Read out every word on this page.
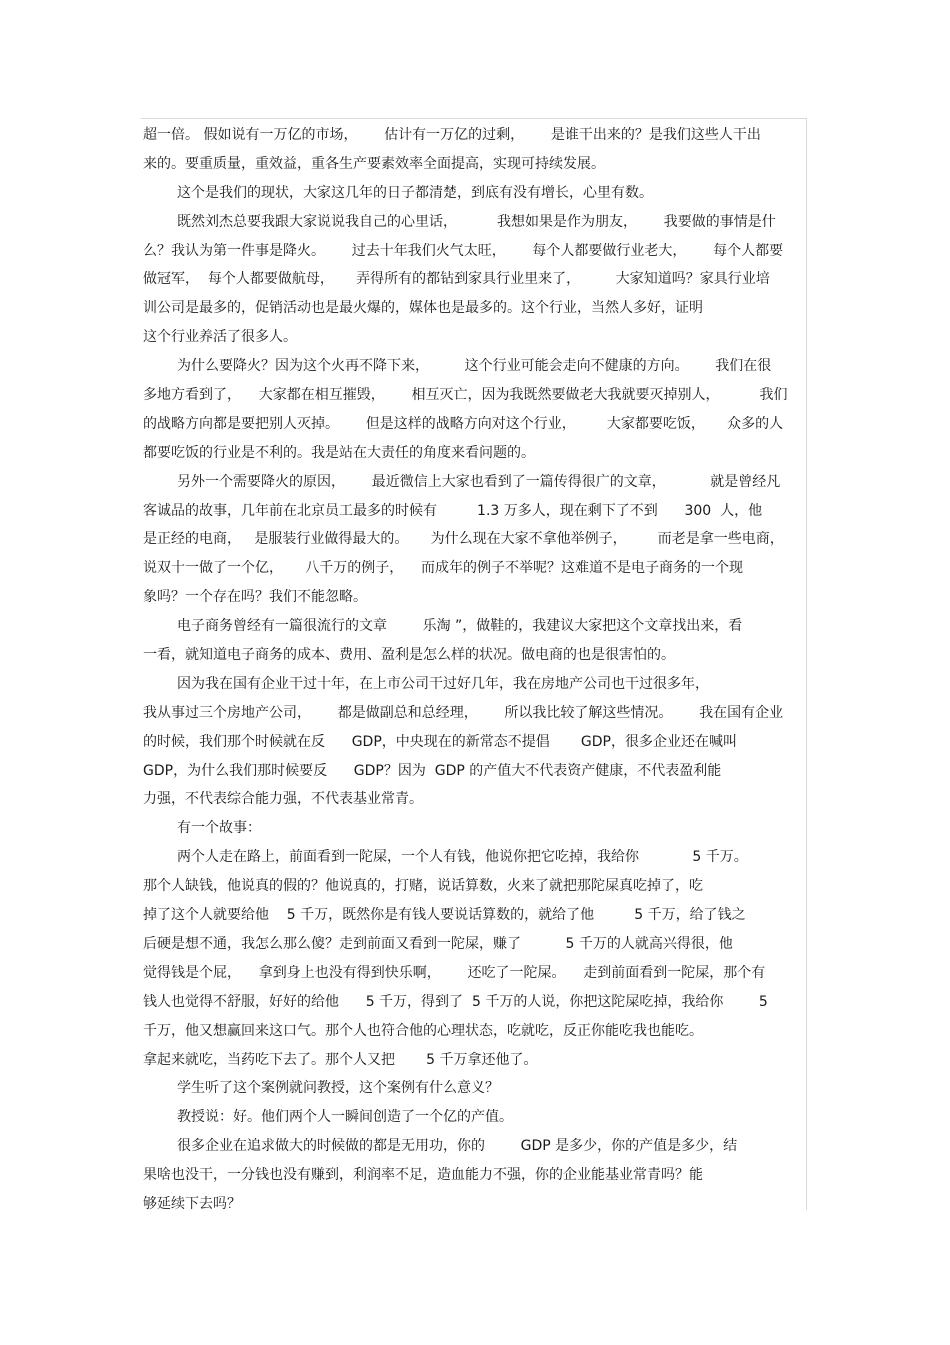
超一倍。 假如说有一万亿的市场，      估计有一万亿的过剩，      是谁干出来的？是我们这些人干出
来的。要重质量，重效益，重各生产要素效率全面提高，实现可持续发展。
这个是我们的现状，大家这几年的日子都清楚，到底有没有增长，心里有数。
既然刘杰总要我跟大家说说我自己的心里话，         我想如果是作为朋友，      我要做的事情是什
么？我认为第一件事是降火。      过去十年我们火气太旺，      每个人都要做行业老大，      每个人都要
做冠军，  每个人都要做航母，     弄得所有的都钻到家具行业里来了，        大家知道吗？家具行业培
训公司是最多的，促销活动也是最火爆的，媒体也是最多的。这个行业，当然人多好，证明
这个行业养活了很多人。
为什么要降火？因为这个火再不降下来，        这个行业可能会走向不健康的方向。      我们在很
多地方看到了，    大家都在相互摧毁，      相互灭亡，因为我既然要做老大我就要灭掉别人，         我们
的战略方向都是要把别人灭掉。      但是这样的战略方向对这个行业，       大家都要吃饭，     众多的人
都要吃饭的行业是不利的。我是站在大责任的角度来看问题的。
另外一个需要降火的原因，      最近微信上大家也看到了一篇传得很广的文章，          就是曾经凡
客诚品的故事，几年前在北京员工最多的时候有         1.3 万多人，现在剩下了不到      300  人，他
是正经的电商，   是服装行业做得最大的。     为什么现在大家不拿他举例子，       而老是拿一些电商，
说双十一做了一个亿，     八千万的例子，    而成年的例子不举呢？这难道不是电子商务的一个现
象吗？一个存在吗？我们不能忽略。
电子商务曾经有一篇很流行的文章        乐淘 ”，做鞋的，我建议大家把这个文章找出来，看
一看，就知道电子商务的成本、费用、盈利是怎么样的状况。做电商的也是很害怕的。
因为我在国有企业干过十年，在上市公司干过好几年，我在房地产公司也干过很多年，
我从事过三个房地产公司，      都是做副总和总经理，      所以我比较了解这些情况。      我在国有企业
的时候，我们那个时候就在反      GDP，中央现在的新常态不提倡       GDP，很多企业还在喊叫
GDP，为什么我们那时候要反      GDP？因为  GDP 的产值大不代表资产健康，不代表盈利能
力强，不代表综合能力强，不代表基业常青。
有一个故事：
两个人走在路上，前面看到一陀屎，一个人有钱，他说你把它吃掉，我给你            5 千万。
那个人缺钱，他说真的假的？他说真的，打赌，说话算数，火来了就把那陀屎真吃掉了，吃
掉了这个人就要给他    5 千万，既然你是有钱人要说话算数的，就给了他         5 千万，给了钱之
后硬是想不通，我怎么那么傻？走到前面又看到一陀屎，赚了          5 千万的人就高兴得很，他
觉得钱是个屁，    拿到身上也没有得到快乐啊，      还吃了一陀屎。    走到前面看到一陀屎，那个有
钱人也觉得不舒服，好好的给他      5 千万，得到了  5 千万的人说，你把这陀屎吃掉，我给你        5
千万，他又想赢回来这口气。那个人也符合他的心理状态，吃就吃，反正你能吃我也能吃。
拿起来就吃，当药吃下去了。那个人又把       5 千万拿还他了。
学生听了这个案例就问教授，这个案例有什么意义？
教授说：好。他们两个人一瞬间创造了一个亿的产值。
很多企业在追求做大的时候做的都是无用功，你的        GDP 是多少，你的产值是多少，结
果啥也没干，一分钱也没有赚到，利润率不足，造血能力不强，你的企业能基业常青吗？能
够延续下去吗？
